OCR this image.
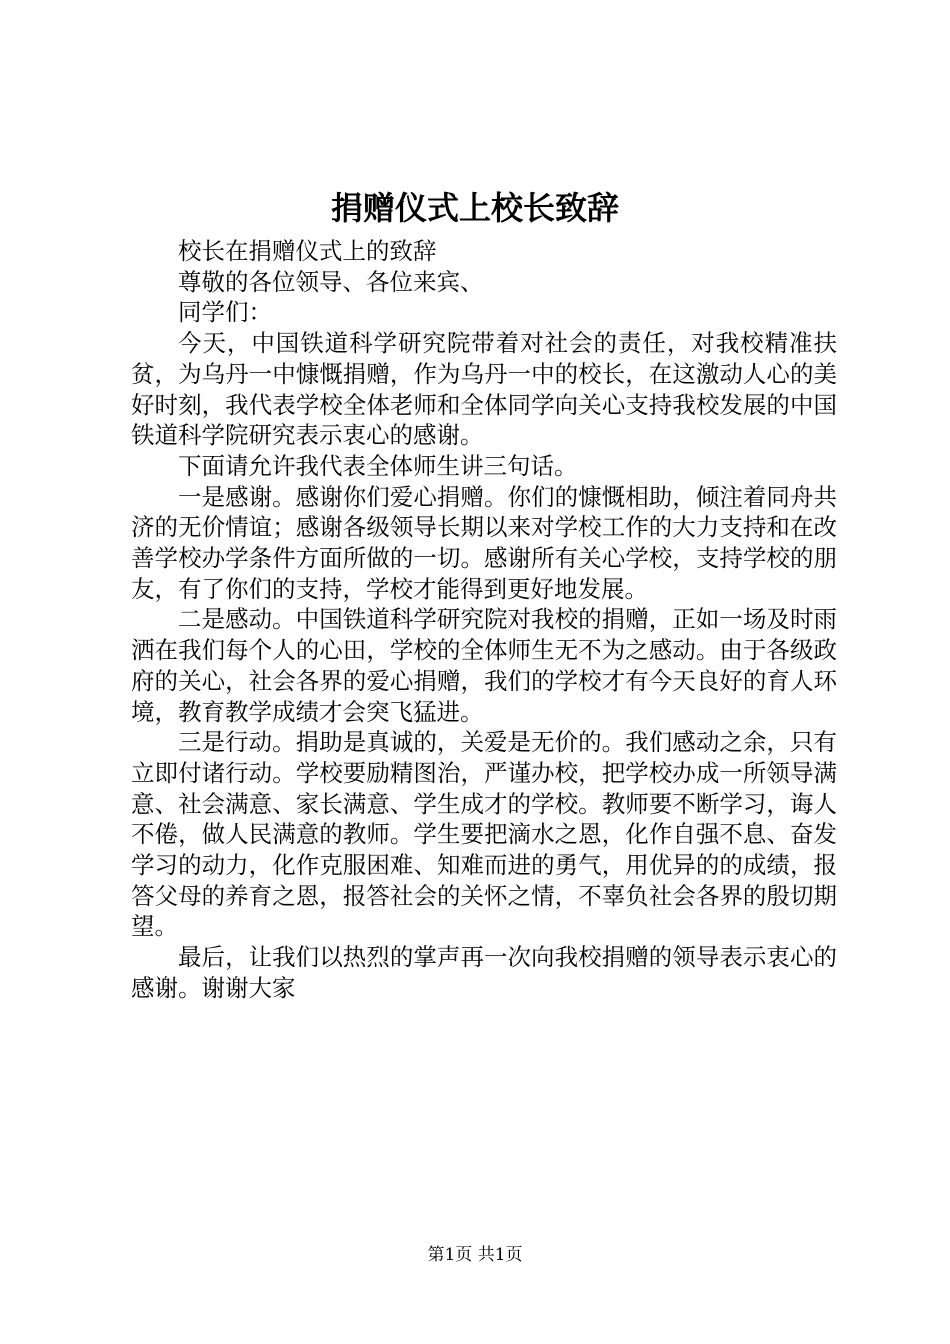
捐赠仪式上校长致辞

校长在捐赠仪式上的致辞

尊敬的各位领导、各位来宾、

同学们：

今天，中国铁道科学研究院带着对社会的责任，对我校精准扶贫，为乌丹一中慷慨捐赠，作为乌丹一中的校长，在这激动人心的美好时刻，我代表学校全体老师和全体同学向关心支持我校发展的中国铁道科学院研究表示衷心的感谢。

下面请允许我代表全体师生讲三句话。

一是感谢。感谢你们爱心捐赠。你们的慷慨相助，倾注着同舟共济的无价情谊；感谢各级领导长期以来对学校工作的大力支持和在改善学校办学条件方面所做的一切。感谢所有关心学校，支持学校的朋友，有了你们的支持，学校才能得到更好地发展。

二是感动。中国铁道科学研究院对我校的捐赠，正如一场及时雨洒在我们每个人的心田，学校的全体师生无不为之感动。由于各级政府的关心，社会各界的爱心捐赠，我们的学校才有今天良好的育人环境，教育教学成绩才会突飞猛进。

三是行动。捐助是真诚的，关爱是无价的。我们感动之余，只有立即付诸行动。学校要励精图治，严谨办校，把学校办成一所领导满意、社会满意、家长满意、学生成才的学校。教师要不断学习，诲人不倦，做人民满意的教师。学生要把滴水之恩，化作自强不息、奋发学习的动力，化作克服困难、知难而进的勇气，用优异的的成绩，报答父母的养育之恩，报答社会的关怀之情，不辜负社会各界的殷切期望。

最后，让我们以热烈的掌声再一次向我校捐赠的领导表示衷心的感谢。谢谢大家

第1页 共1页
